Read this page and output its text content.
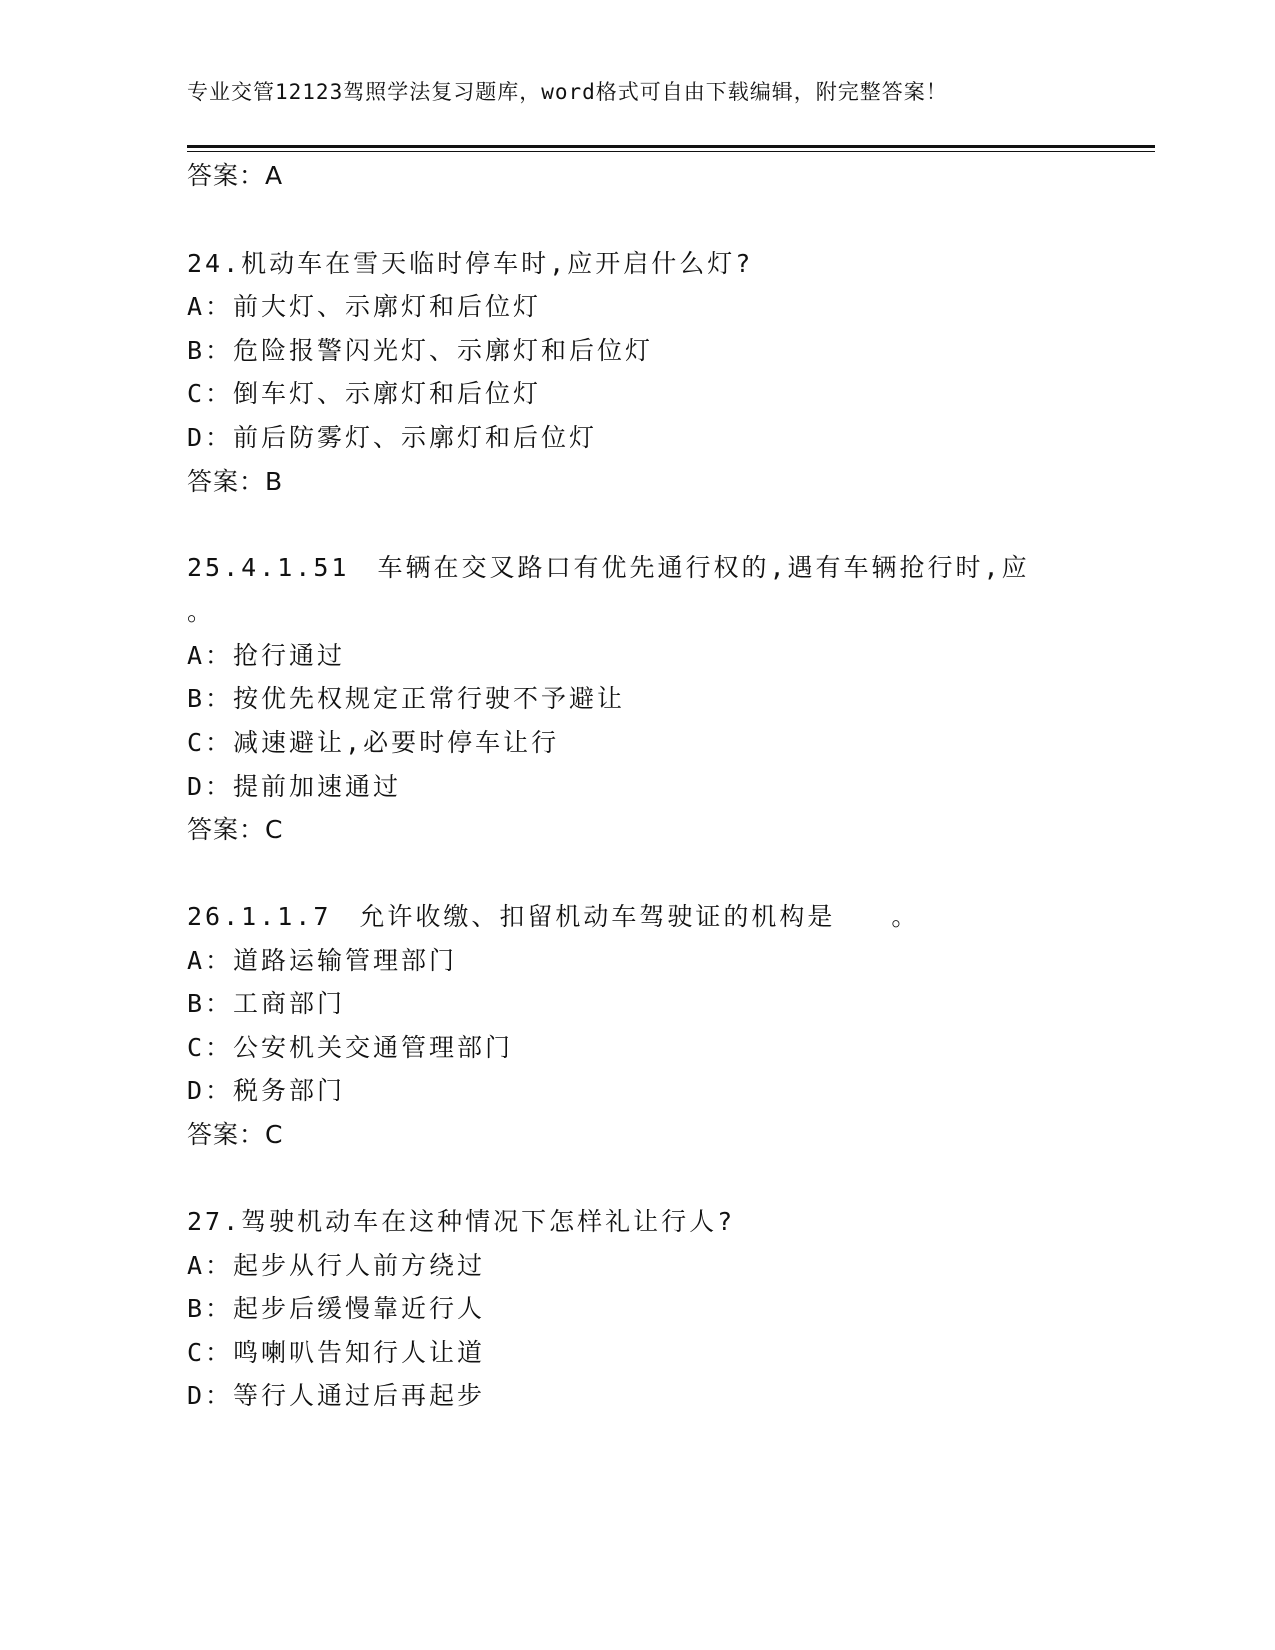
专业交管12123驾照学法复习题库，word格式可自由下载编辑，附完整答案！
答案：A
24.机动车在雪天临时停车时,应开启什么灯?
A：前大灯、示廓灯和后位灯
B：危险报警闪光灯、示廓灯和后位灯
C：倒车灯、示廓灯和后位灯
D：前后防雾灯、示廓灯和后位灯
答案：B
25.4.1.51　车辆在交叉路口有优先通行权的,遇有车辆抢行时,应
。
A：抢行通过
B：按优先权规定正常行驶不予避让
C：减速避让,必要时停车让行
D：提前加速通过
答案：C
26.1.1.7　允许收缴、扣留机动车驾驶证的机构是　　。
A：道路运输管理部门
B：工商部门
C：公安机关交通管理部门
D：税务部门
答案：C
27.驾驶机动车在这种情况下怎样礼让行人?
A：起步从行人前方绕过
B：起步后缓慢靠近行人
C：鸣喇叭告知行人让道
D：等行人通过后再起步
